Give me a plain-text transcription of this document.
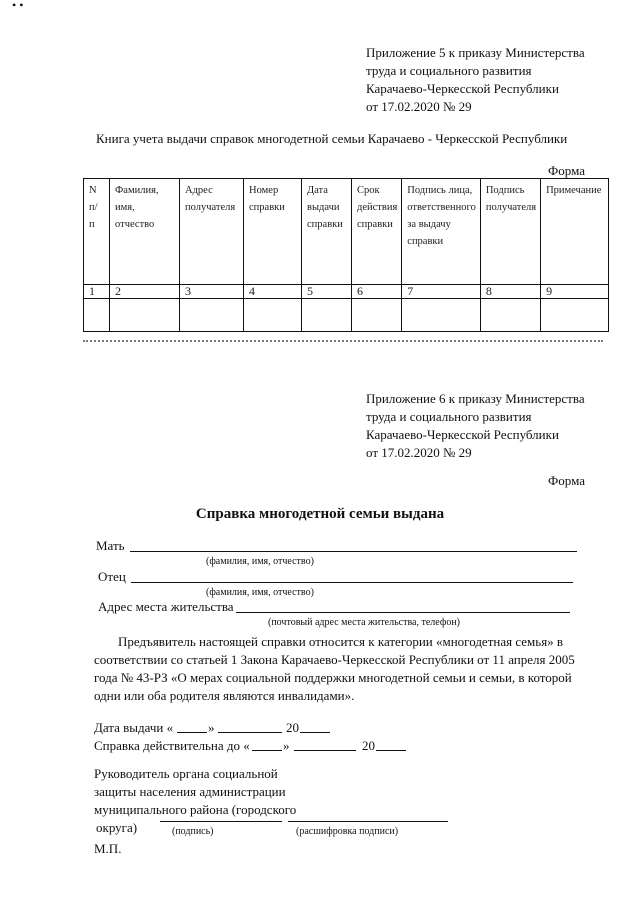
• •
Приложение 5 к приказу Министерства
труда и социального развития
Карачаево-Черкесской Республики
от 17.02.2020 № 29
Книга учета выдачи справок многодетной семьи Карачаево - Черкесской Республики
Форма
N п/ п	Фамилия, имя, отчество	Адрес получателя	Номер справки	Дата выдачи справки	Срок действия справки	Подпись лица, ответственного за выдачу справки	Подпись получателя	Примечание
1	2	3	4	5	6	7	8	9

Приложение 6 к приказу Министерства
труда и социального развития
Карачаево-Черкесской Республики
от 17.02.2020 № 29
Форма
Справка многодетной семьи выдана
Мать
(фамилия, имя, отчество)
Отец
(фамилия, имя, отчество)
Адрес места жительства
(почтовый адрес места жительства, телефон)
Предъявитель настоящей справки относится к категории «многодетная семья» в
соответствии со статьей 1 Закона Карачаево-Черкесской Республики от 11 апреля 2005
года № 43-РЗ «О мерах социальной поддержки многодетной семьи и семьи, в которой
одни или оба родителя являются инвалидами».
Дата выдачи «	»	20
Справка действительна до «	»	20
Руководитель органа социальной
защиты населения администрации
муниципального района (городского
округа)	(подпись)	(расшифровка подписи)
М.П.
